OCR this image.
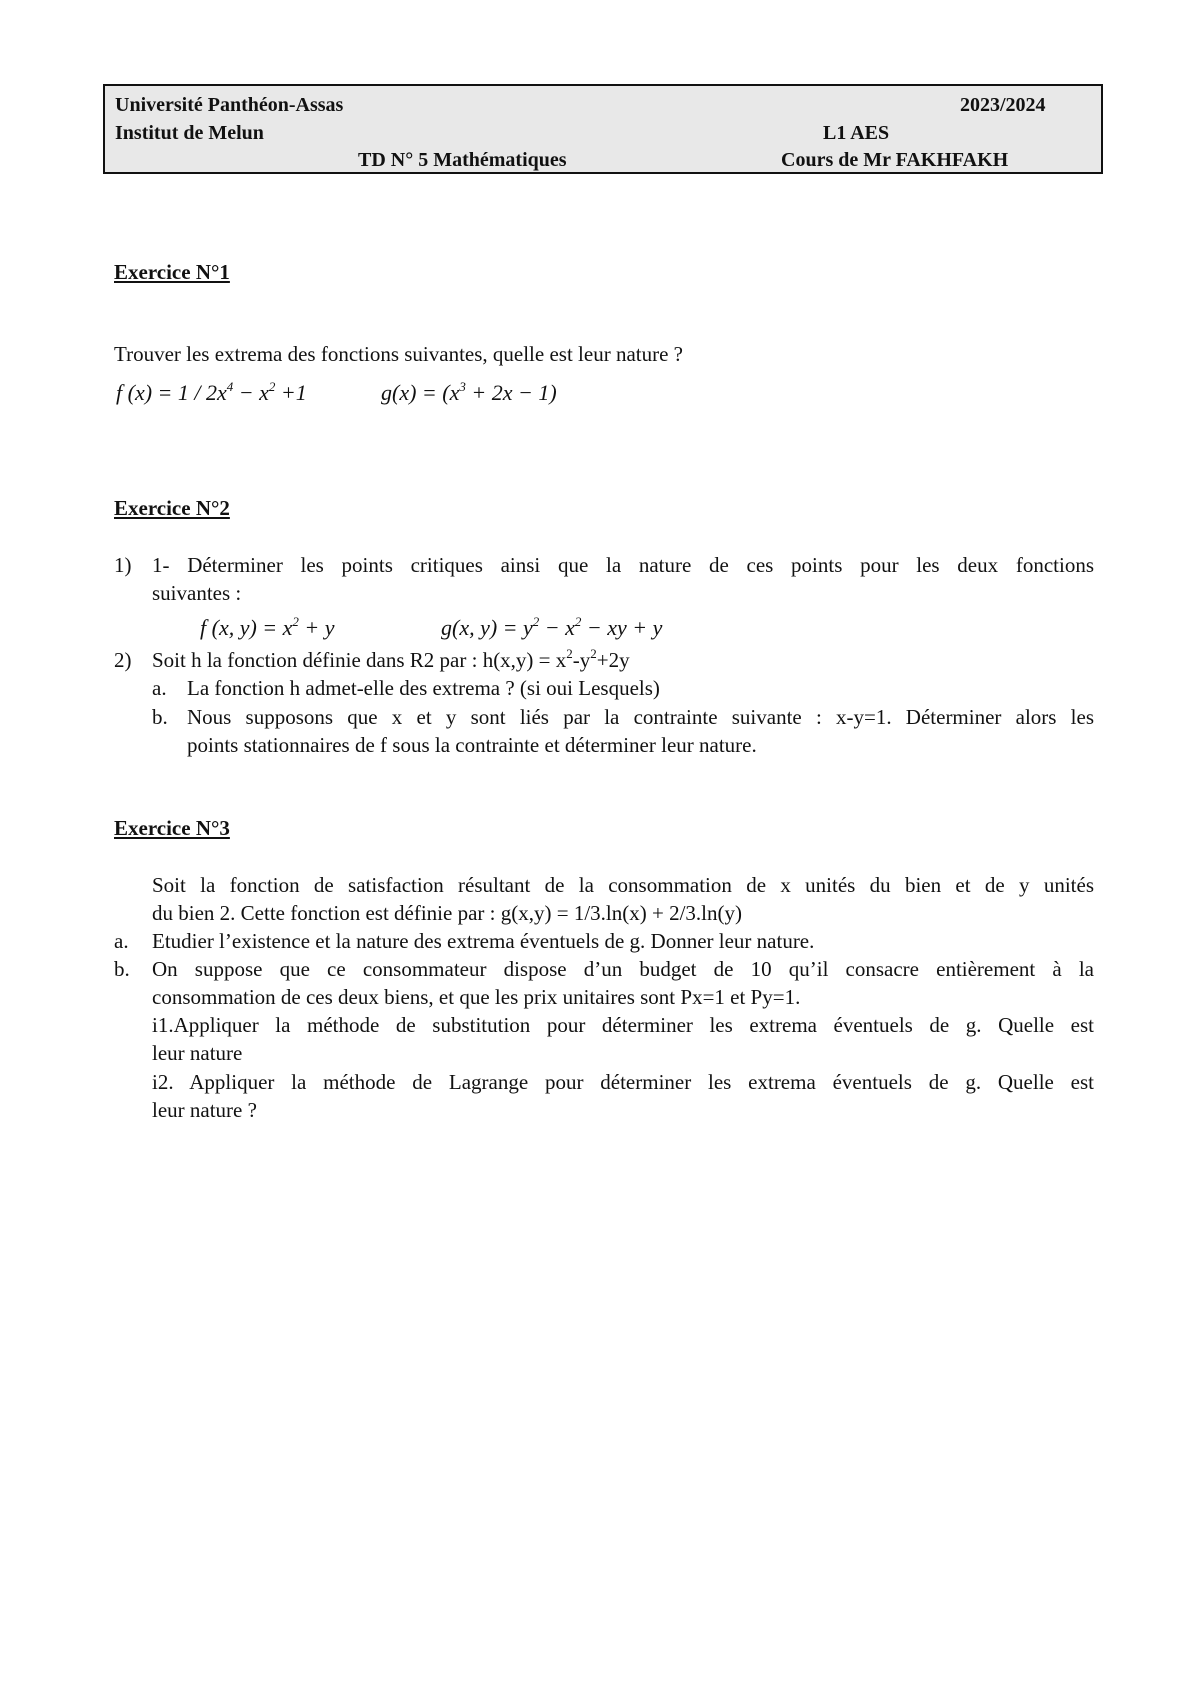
Université Panthéon-Assas	2023/2024
Institut de Melun	L1 AES
TD N° 5 Mathématiques	Cours de Mr FAKHFAKH
Exercice N°1
Trouver les extrema des fonctions suivantes, quelle est leur nature ?
f $(x) = 1 / 2x^4 - x^2 +1$	$g(x) = (x^3 + 2x - 1)$
Exercice N°2
1) 1- Déterminer les points critiques ainsi que la nature de ces points pour les deux fonctions
suivantes :
f (x, $y) = x^2 + y$	g(x, $y) = y^2 - x^2$ − xy + y
2) Soit h la fonction définie dans R2 par : $h(x,y) = x^2-y^2+2y$
a. La fonction h admet-elle des extrema ? (si oui Lesquels)
b. Nous supposons que x et y sont liés par la contrainte suivante : x-y=1. Déterminer alors les
points stationnaires de f sous la contrainte et déterminer leur nature.
Exercice N°3
Soit la fonction de satisfaction résultant de la consommation de x unités du bien et de y unités
du bien 2. Cette fonction est définie par : g(x,y) = 1/3.ln(x) + 2/3.ln(y)
a. Etudier l’existence et la nature des extrema éventuels de g. Donner leur nature.
b. On suppose que ce consommateur dispose d’un budget de 10 qu’il consacre entièrement à la
consommation de ces deux biens, et que les prix unitaires sont Px=1 et Py=1.
i1.Appliquer la méthode de substitution pour déterminer les extrema éventuels de g. Quelle est
leur nature
i2. Appliquer la méthode de Lagrange pour déterminer les extrema éventuels de g. Quelle est
leur nature ?
